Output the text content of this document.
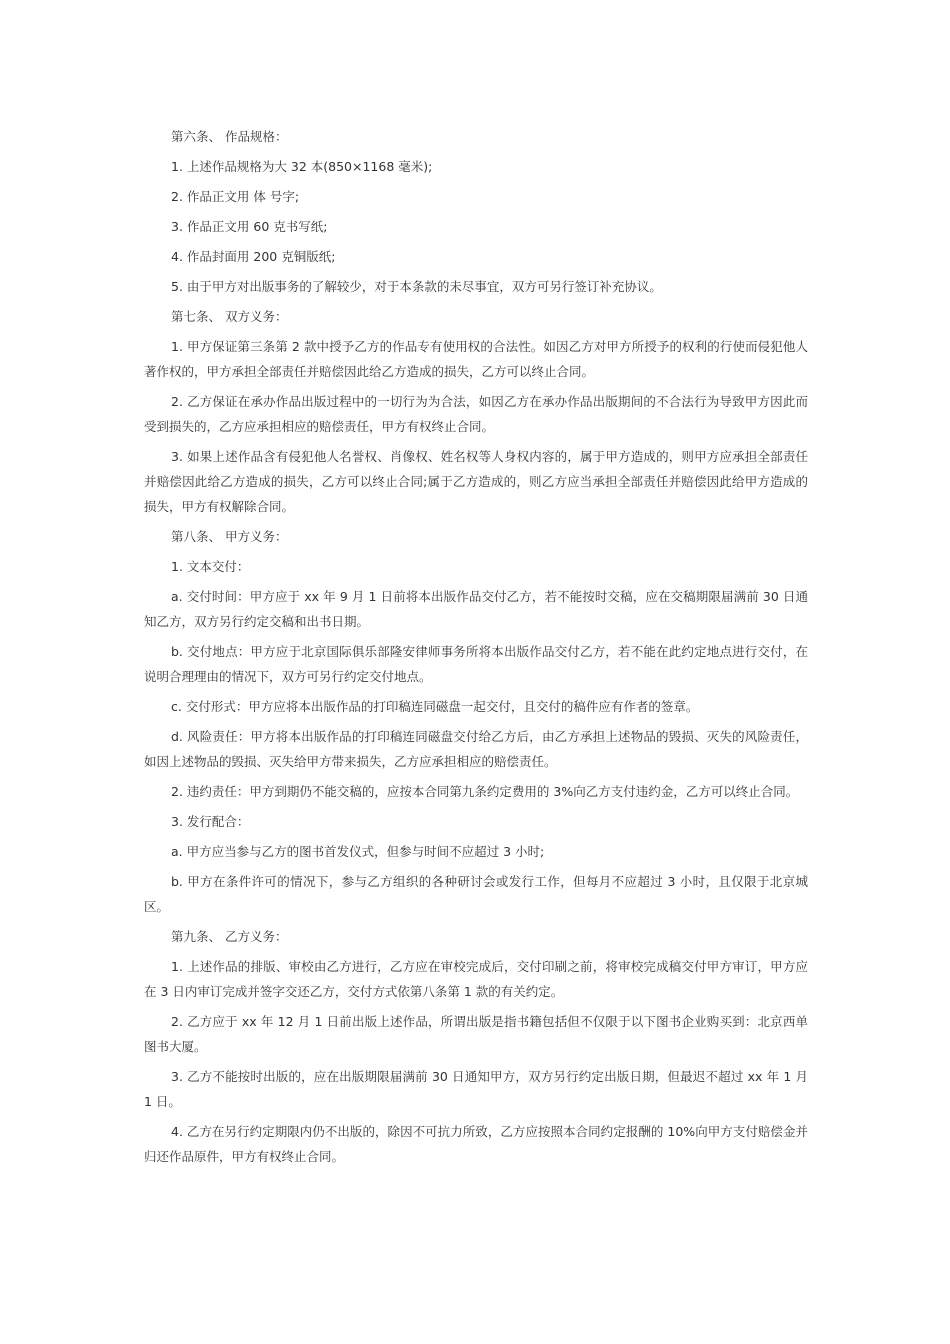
第六条、 作品规格：

1. 上述作品规格为大 32 本(850×1168 毫米);

2. 作品正文用 体 号字;

3. 作品正文用 60 克书写纸;

4. 作品封面用 200 克铜版纸;

5. 由于甲方对出版事务的了解较少，对于本条款的未尽事宜，双方可另行签订补充协议。

第七条、 双方义务：

1. 甲方保证第三条第 2 款中授予乙方的作品专有使用权的合法性。如因乙方对甲方所授予的权利的行使而侵犯他人著作权的，甲方承担全部责任并赔偿因此给乙方造成的损失，乙方可以终止合同。

2. 乙方保证在承办作品出版过程中的一切行为为合法，如因乙方在承办作品出版期间的不合法行为导致甲方因此而受到损失的，乙方应承担相应的赔偿责任，甲方有权终止合同。

3. 如果上述作品含有侵犯他人名誉权、肖像权、姓名权等人身权内容的，属于甲方造成的，则甲方应承担全部责任并赔偿因此给乙方造成的损失，乙方可以终止合同;属于乙方造成的，则乙方应当承担全部责任并赔偿因此给甲方造成的损失，甲方有权解除合同。

第八条、 甲方义务：

1. 文本交付：

a. 交付时间：甲方应于 xx 年 9 月 1 日前将本出版作品交付乙方，若不能按时交稿，应在交稿期限届满前 30 日通知乙方，双方另行约定交稿和出书日期。

b. 交付地点：甲方应于北京国际俱乐部隆安律师事务所将本出版作品交付乙方，若不能在此约定地点进行交付，在说明合理理由的情况下，双方可另行约定交付地点。

c. 交付形式：甲方应将本出版作品的打印稿连同磁盘一起交付，且交付的稿件应有作者的签章。

d. 风险责任：甲方将本出版作品的打印稿连同磁盘交付给乙方后，由乙方承担上述物品的毁损、灭失的风险责任，如因上述物品的毁损、灭失给甲方带来损失，乙方应承担相应的赔偿责任。

2. 违约责任：甲方到期仍不能交稿的，应按本合同第九条约定费用的 3%向乙方支付违约金，乙方可以终止合同。

3. 发行配合：

a. 甲方应当参与乙方的图书首发仪式，但参与时间不应超过 3 小时;

b. 甲方在条件许可的情况下，参与乙方组织的各种研讨会或发行工作，但每月不应超过 3 小时，且仅限于北京城区。

第九条、 乙方义务：

1. 上述作品的排版、审校由乙方进行，乙方应在审校完成后，交付印刷之前，将审校完成稿交付甲方审订，甲方应在 3 日内审订完成并签字交还乙方，交付方式依第八条第 1 款的有关约定。

2. 乙方应于 xx 年 12 月 1 日前出版上述作品，所谓出版是指书籍包括但不仅限于以下图书企业购买到：北京西单图书大厦。

3. 乙方不能按时出版的，应在出版期限届满前 30 日通知甲方，双方另行约定出版日期，但最迟不超过 xx 年 1 月 1 日。

4. 乙方在另行约定期限内仍不出版的，除因不可抗力所致，乙方应按照本合同约定报酬的 10%向甲方支付赔偿金并归还作品原件，甲方有权终止合同。
